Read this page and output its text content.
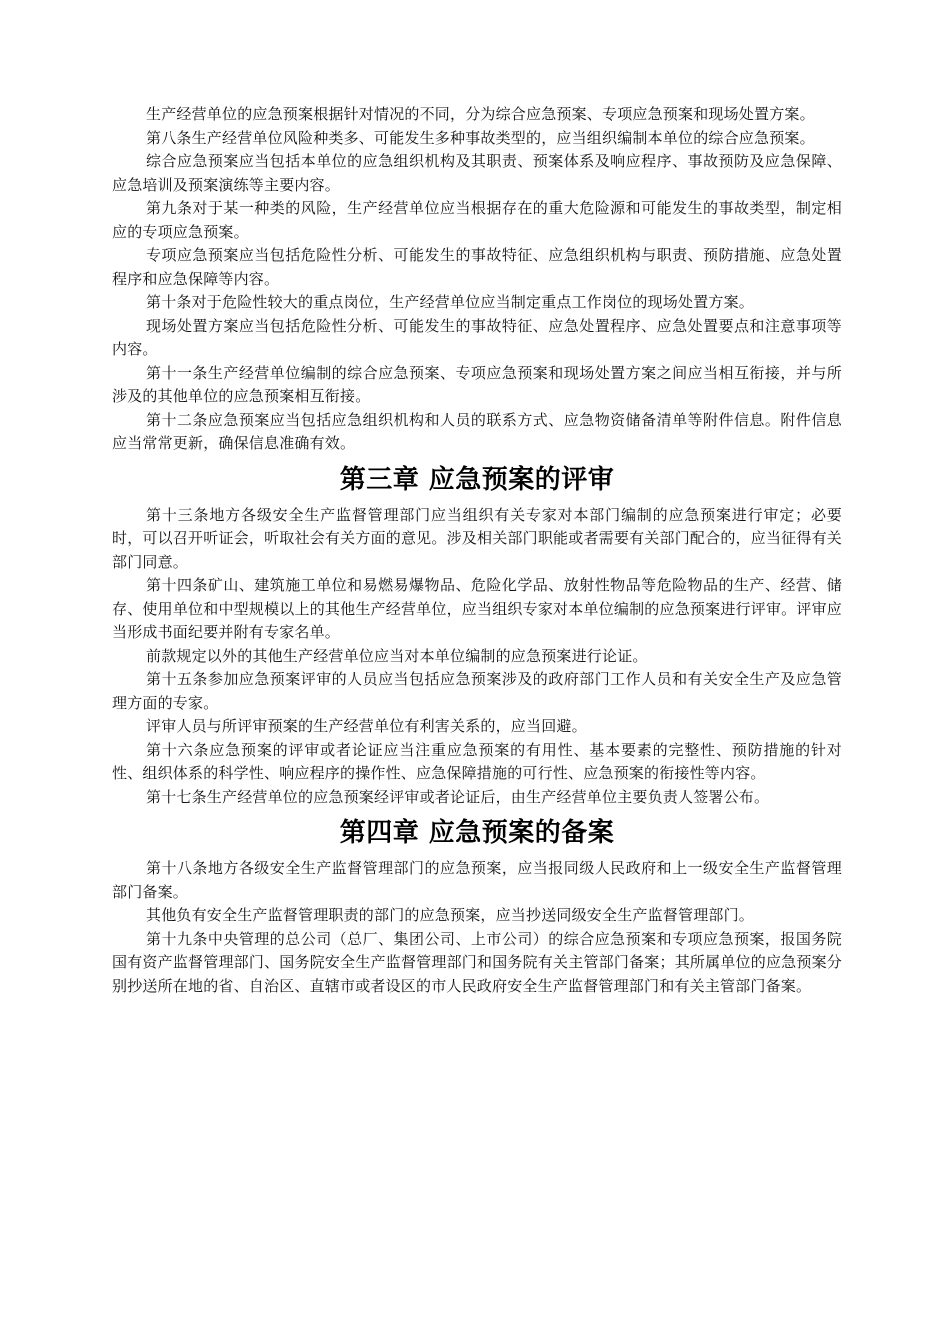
生产经营单位的应急预案根据针对情况的不同，分为综合应急预案、专项应急预案和现场处置方案。

第八条生产经营单位风险种类多、可能发生多种事故类型的，应当组织编制本单位的综合应急预案。

综合应急预案应当包括本单位的应急组织机构及其职责、预案体系及响应程序、事故预防及应急保障、应急培训及预案演练等主要内容。

第九条对于某一种类的风险，生产经营单位应当根据存在的重大危险源和可能发生的事故类型，制定相应的专项应急预案。

专项应急预案应当包括危险性分析、可能发生的事故特征、应急组织机构与职责、预防措施、应急处置程序和应急保障等内容。

第十条对于危险性较大的重点岗位，生产经营单位应当制定重点工作岗位的现场处置方案。

现场处置方案应当包括危险性分析、可能发生的事故特征、应急处置程序、应急处置要点和注意事项等内容。

第十一条生产经营单位编制的综合应急预案、专项应急预案和现场处置方案之间应当相互衔接，并与所涉及的其他单位的应急预案相互衔接。

第十二条应急预案应当包括应急组织机构和人员的联系方式、应急物资储备清单等附件信息。附件信息应当常常更新，确保信息准确有效。

第三章 应急预案的评审

第十三条地方各级安全生产监督管理部门应当组织有关专家对本部门编制的应急预案进行审定；必要时，可以召开听证会，听取社会有关方面的意见。涉及相关部门职能或者需要有关部门配合的，应当征得有关部门同意。

第十四条矿山、建筑施工单位和易燃易爆物品、危险化学品、放射性物品等危险物品的生产、经营、储存、使用单位和中型规模以上的其他生产经营单位，应当组织专家对本单位编制的应急预案进行评审。评审应当形成书面纪要并附有专家名单。

前款规定以外的其他生产经营单位应当对本单位编制的应急预案进行论证。

第十五条参加应急预案评审的人员应当包括应急预案涉及的政府部门工作人员和有关安全生产及应急管理方面的专家。

评审人员与所评审预案的生产经营单位有利害关系的，应当回避。

第十六条应急预案的评审或者论证应当注重应急预案的有用性、基本要素的完整性、预防措施的针对性、组织体系的科学性、响应程序的操作性、应急保障措施的可行性、应急预案的衔接性等内容。

第十七条生产经营单位的应急预案经评审或者论证后，由生产经营单位主要负责人签署公布。

第四章 应急预案的备案

第十八条地方各级安全生产监督管理部门的应急预案，应当报同级人民政府和上一级安全生产监督管理部门备案。

其他负有安全生产监督管理职责的部门的应急预案，应当抄送同级安全生产监督管理部门。

第十九条中央管理的总公司（总厂、集团公司、上市公司）的综合应急预案和专项应急预案，报国务院国有资产监督管理部门、国务院安全生产监督管理部门和国务院有关主管部门备案；其所属单位的应急预案分别抄送所在地的省、自治区、直辖市或者设区的市人民政府安全生产监督管理部门和有关主管部门备案。
